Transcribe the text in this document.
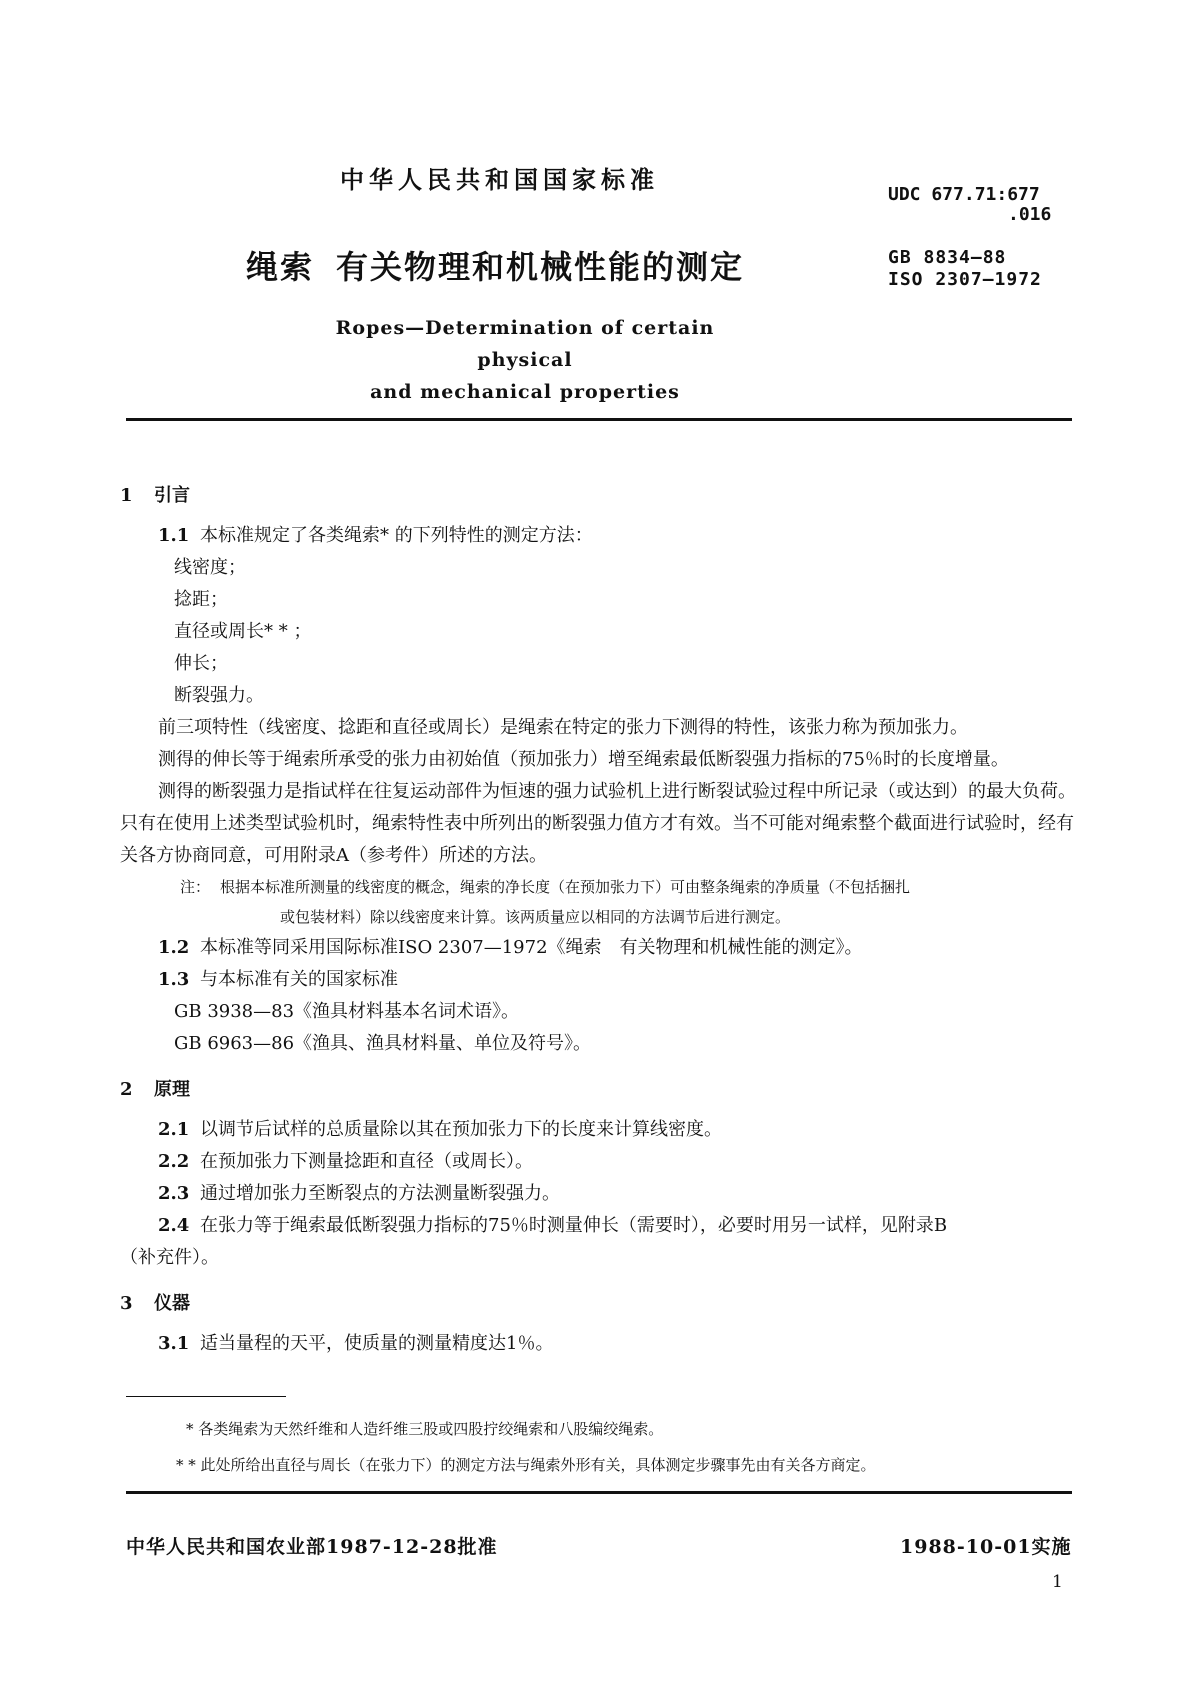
中华人民共和国国家标准
UDC 677.71:677
.016
绳索 有关物理和机械性能的测定	GB 8834—88
ISO 2307—1972
Ropes—Determination of certain physical
and mechanical properties
1 引言
1.1 本标准规定了各类绳索* 的下列特性的测定方法：
线密度；
捻距；
直径或周长* * ；
伸长；
断裂强力。
前三项特性（线密度、捻距和直径或周长）是绳索在特定的张力下测得的特性，该张力称为预加张力。
测得的伸长等于绳索所承受的张力由初始值（预加张力）增至绳索最低断裂强力指标的75％时的长度增量。
测得的断裂强力是指试样在往复运动部件为恒速的强力试验机上进行断裂试验过程中所记录（或达到）的最大负荷。只有在使用上述类型试验机时，绳索特性表中所列出的断裂强力值方才有效。当不可能对绳索整个截面进行试验时，经有关各方协商同意，可用附录A（参考件）所述的方法。
注： 根据本标准所测量的线密度的概念，绳索的净长度（在预加张力下）可由整条绳索的净质量（不包括捆扎
或包装材料）除以线密度来计算。该两质量应以相同的方法调节后进行测定。
1.2 本标准等同采用国际标准ISO 2307—1972《绳索　有关物理和机械性能的测定》。
1.3 与本标准有关的国家标准
GB 3938—83《渔具材料基本名词术语》。
GB 6963—86《渔具、渔具材料量、单位及符号》。
2 原理
2.1 以调节后试样的总质量除以其在预加张力下的长度来计算线密度。
2.2 在预加张力下测量捻距和直径（或周长）。
2.3 通过增加张力至断裂点的方法测量断裂强力。
2.4 在张力等于绳索最低断裂强力指标的75％时测量伸长（需要时），必要时用另一试样，见附录B
（补充件）。
3 仪器
3.1 适当量程的天平，使质量的测量精度达1％。
* 各类绳索为天然纤维和人造纤维三股或四股拧绞绳索和八股编绞绳索。
* * 此处所给出直径与周长（在张力下）的测定方法与绳索外形有关，具体测定步骤事先由有关各方商定。
中华人民共和国农业部1987-12-28批准	1988-10-01实施
1
